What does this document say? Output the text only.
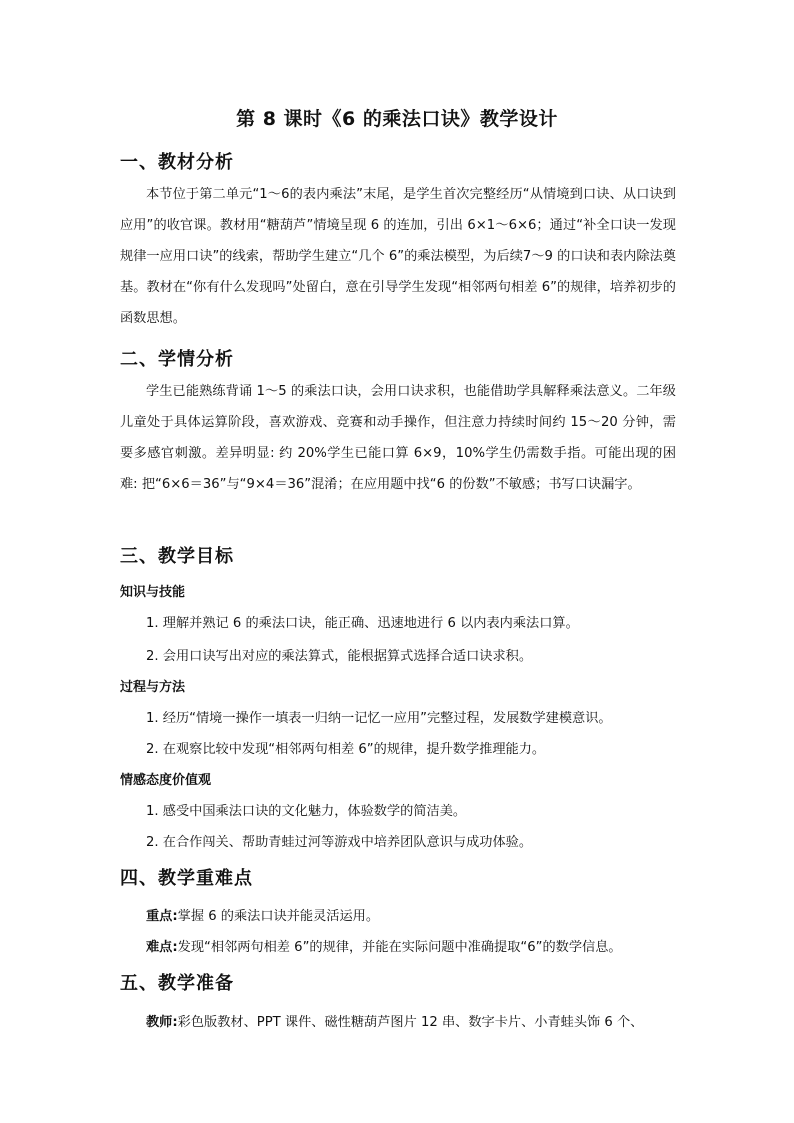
第 8 课时《6 的乘法口诀》教学设计
一、教材分析
本节位于第二单元“1～6的表内乘法”末尾，是学生首次完整经历“从情境到口诀、从口诀到应用”的收官课。教材用“糖葫芦”情境呈现 6 的连加，引出 6×1～6×6；通过“补全口诀一发现规律一应用口诀”的线索，帮助学生建立“几个 6”的乘法模型，为后续7～9 的口诀和表内除法奠基。教材在“你有什么发现吗”处留白，意在引导学生发现“相邻两句相差 6”的规律，培养初步的函数思想。
二、学情分析
学生已能熟练背诵 1～5 的乘法口诀，会用口诀求积，也能借助学具解释乘法意义。二年级儿童处于具体运算阶段，喜欢游戏、竞赛和动手操作，但注意力持续时间约 15～20 分钟，需要多感官刺激。差异明显: 约 20%学生已能口算 6×9，10%学生仍需数手指。可能出现的困难: 把“6×6＝36”与“9×4＝36”混淆；在应用题中找“6 的份数”不敏感；书写口诀漏字。
三、教学目标
知识与技能
1. 理解并熟记 6 的乘法口诀，能正确、迅速地进行 6 以内表内乘法口算。
2. 会用口诀写出对应的乘法算式，能根据算式选择合适口诀求积。
过程与方法
1. 经历“情境一操作一填表一归纳一记忆一应用”完整过程，发展数学建模意识。
2. 在观察比较中发现“相邻两句相差 6”的规律，提升数学推理能力。
情感态度价值观
1. 感受中国乘法口诀的文化魅力，体验数学的简洁美。
2. 在合作闯关、帮助青蛙过河等游戏中培养团队意识与成功体验。
四、教学重难点
重点:掌握 6 的乘法口诀并能灵活运用。
难点:发现“相邻两句相差 6”的规律，并能在实际问题中准确提取“6”的数学信息。
五、教学准备
教师:彩色版教材、PPT 课件、磁性糖葫芦图片 12 串、数字卡片、小青蛙头饰 6 个、
